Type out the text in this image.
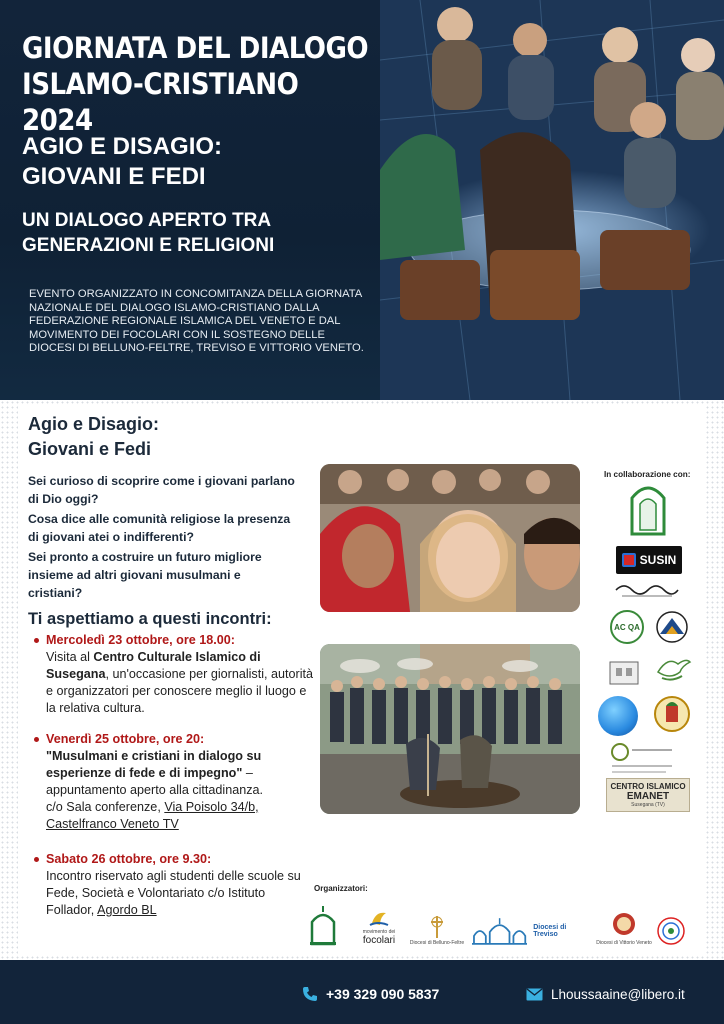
GIORNATA DEL DIALOGO
ISLAMO-CRISTIANO 2024
AGIO E DISAGIO:
GIOVANI E FEDI
UN DIALOGO APERTO TRA
GENERAZIONI E RELIGIONI
EVENTO ORGANIZZATO IN CONCOMITANZA DELLA GIORNATA NAZIONALE DEL DIALOGO ISLAMO-CRISTIANO DALLA FEDERAZIONE REGIONALE ISLAMICA DEL VENETO E DAL MOVIMENTO DEI FOCOLARI CON IL SOSTEGNO DELLE DIOCESI DI BELLUNO-FELTRE, TREVISO E VITTORIO VENETO.
Agio e Disagio:
Giovani e Fedi
Sei curioso di scoprire come i giovani parlano di Dio oggi?
Cosa dice alle comunità religiose la presenza di giovani atei o indifferenti?
Sei pronto a costruire un futuro migliore insieme ad altri giovani musulmani e cristiani?
Ti aspettiamo a questi incontri:
Mercoledì 23 ottobre, ore 18.00:
Visita al Centro Culturale Islamico di Susegana, un'occasione per giornalisti, autorità e organizzatori per conoscere meglio il luogo e la relativa cultura.
Venerdì 25 ottobre, ore 20:
"Musulmani e cristiani in dialogo su esperienze di fede e di impegno" – appuntamento aperto alla cittadinanza.
c/o Sala conferenze, Via Poisolo 34/b, Castelfranco Veneto TV
Sabato 26 ottobre, ore 9.30:
Incontro riservato agli studenti delle scuole su Fede, Società e Volontariato c/o Istituto Follador, Agordo BL
In collaborazione con:
SUSIN
AC QA
CENTRO ISLAMICO
EMANET
Susegana (TV)
Organizzatori:
movimento dei
focolari	Diocesi di Belluno-Feltre
Diocesi di Treviso
Diocesi di Vittorio Veneto
+39 329 090 5837	Lhoussaaine@libero.it
